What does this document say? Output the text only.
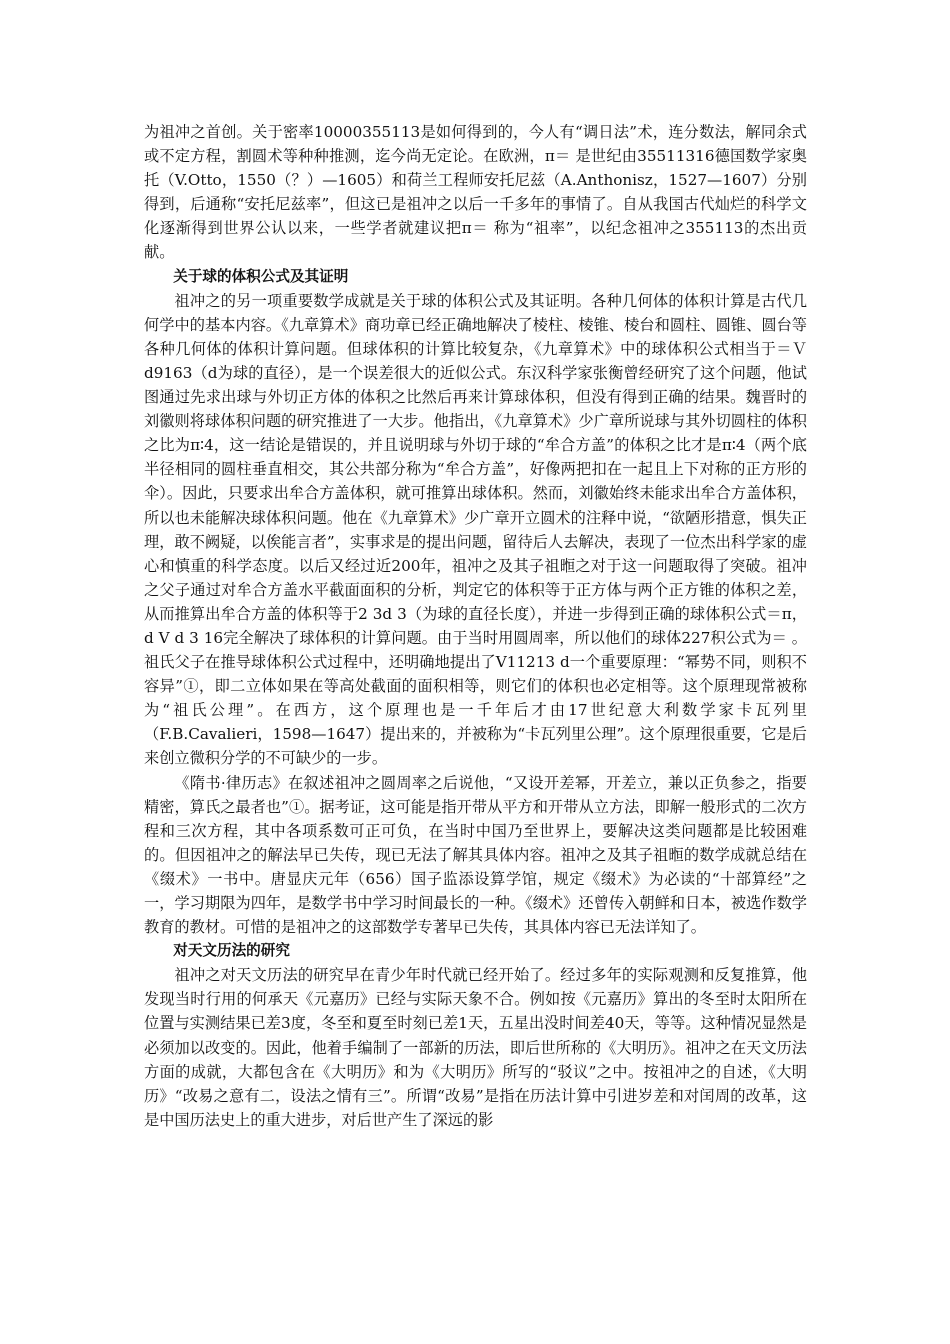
为祖冲之首创。关于密率10000355113是如何得到的，今人有“调日法”术，连分数法，解同余式或不定方程，割圆术等种种推测，迄今尚无定论。在欧洲，π＝ 是世纪由35511316德国数学家奥托（V.Otto，1550（？）—1605）和荷兰工程师安托尼兹（A.Anthonisz，1527—1607）分别得到，后通称“安托尼兹率”，但这已是祖冲之以后一千多年的事情了。自从我国古代灿烂的科学文化逐渐得到世界公认以来，一些学者就建议把π＝ 称为“祖率”，以纪念祖冲之355113的杰出贡献。

关于球的体积公式及其证明

祖冲之的另一项重要数学成就是关于球的体积公式及其证明。各种几何体的体积计算是古代几何学中的基本内容。《九章算术》商功章已经正确地解决了棱柱、棱锥、棱台和圆柱、圆锥、圆台等各种几何体的体积计算问题。但球体积的计算比较复杂，《九章算术》中的球体积公式相当于＝Ｖd9163（d为球的直径），是一个误差很大的近似公式。东汉科学家张衡曾经研究了这个问题，他试图通过先求出球与外切正方体的体积之比然后再来计算球体积，但没有得到正确的结果。魏晋时的刘徽则将球体积问题的研究推进了一大步。他指出，《九章算术》少广章所说球与其外切圆柱的体积之比为π∶4，这一结论是错误的，并且说明球与外切于球的“牟合方盖”的体积之比才是π∶4（两个底半径相同的圆柱垂直相交，其公共部分称为“牟合方盖”，好像两把扣在一起且上下对称的正方形的伞）。因此，只要求出牟合方盖体积，就可推算出球体积。然而，刘徽始终未能求出牟合方盖体积，所以也未能解决球体积问题。他在《九章算术》少广章开立圆术的注释中说，“欲陋形措意，惧失正理，敢不阙疑，以俟能言者”，实事求是的提出问题，留待后人去解决，表现了一位杰出科学家的虚心和慎重的科学态度。以后又经过近200年，祖冲之及其子祖暅之对于这一问题取得了突破。祖冲之父子通过对牟合方盖水平截面面积的分析，判定它的体积等于正方体与两个正方锥的体积之差，从而推算出牟合方盖的体积等于2 3d 3（为球的直径长度），并进一步得到正确的球体积公式＝π，d V d 3 16完全解决了球体积的计算问题。由于当时用圆周率，所以他们的球体227积公式为＝ 。祖氏父子在推导球体积公式过程中，还明确地提出了V11213 d一个重要原理：“幂势不同，则积不容异”①，即二立体如果在等高处截面的面积相等，则它们的体积也必定相等。这个原理现常被称为“祖氏公理”。在西方，这个原理也是一千年后才由17世纪意大利数学家卡瓦列里（F.B.Cavalieri，1598—1647）提出来的，并被称为“卡瓦列里公理”。这个原理很重要，它是后来创立微积分学的不可缺少的一步。

《隋书·律历志》在叙述祖冲之圆周率之后说他，“又设开差幂，开差立，兼以正负参之，指要精密，算氏之最者也”①。据考证，这可能是指开带从平方和开带从立方法，即解一般形式的二次方程和三次方程，其中各项系数可正可负，在当时中国乃至世界上，要解决这类问题都是比较困难的。但因祖冲之的解法早已失传，现已无法了解其具体内容。祖冲之及其子祖暅的数学成就总结在《缀术》一书中。唐显庆元年（656）国子监添设算学馆，规定《缀术》为必读的“十部算经”之一，学习期限为四年，是数学书中学习时间最长的一种。《缀术》还曾传入朝鲜和日本，被选作数学教育的教材。可惜的是祖冲之的这部数学专著早已失传，其具体内容已无法详知了。

对天文历法的研究

祖冲之对天文历法的研究早在青少年时代就已经开始了。经过多年的实际观测和反复推算，他发现当时行用的何承天《元嘉历》已经与实际天象不合。例如按《元嘉历》算出的冬至时太阳所在位置与实测结果已差3度，冬至和夏至时刻已差1天，五星出没时间差40天，等等。这种情况显然是必须加以改变的。因此，他着手编制了一部新的历法，即后世所称的《大明历》。祖冲之在天文历法方面的成就，大都包含在《大明历》和为《大明历》所写的“驳议”之中。按祖冲之的自述，《大明历》“改易之意有二，设法之情有三”。所谓“改易”是指在历法计算中引进岁差和对闰周的改革，这是中国历法史上的重大进步，对后世产生了深远的影
